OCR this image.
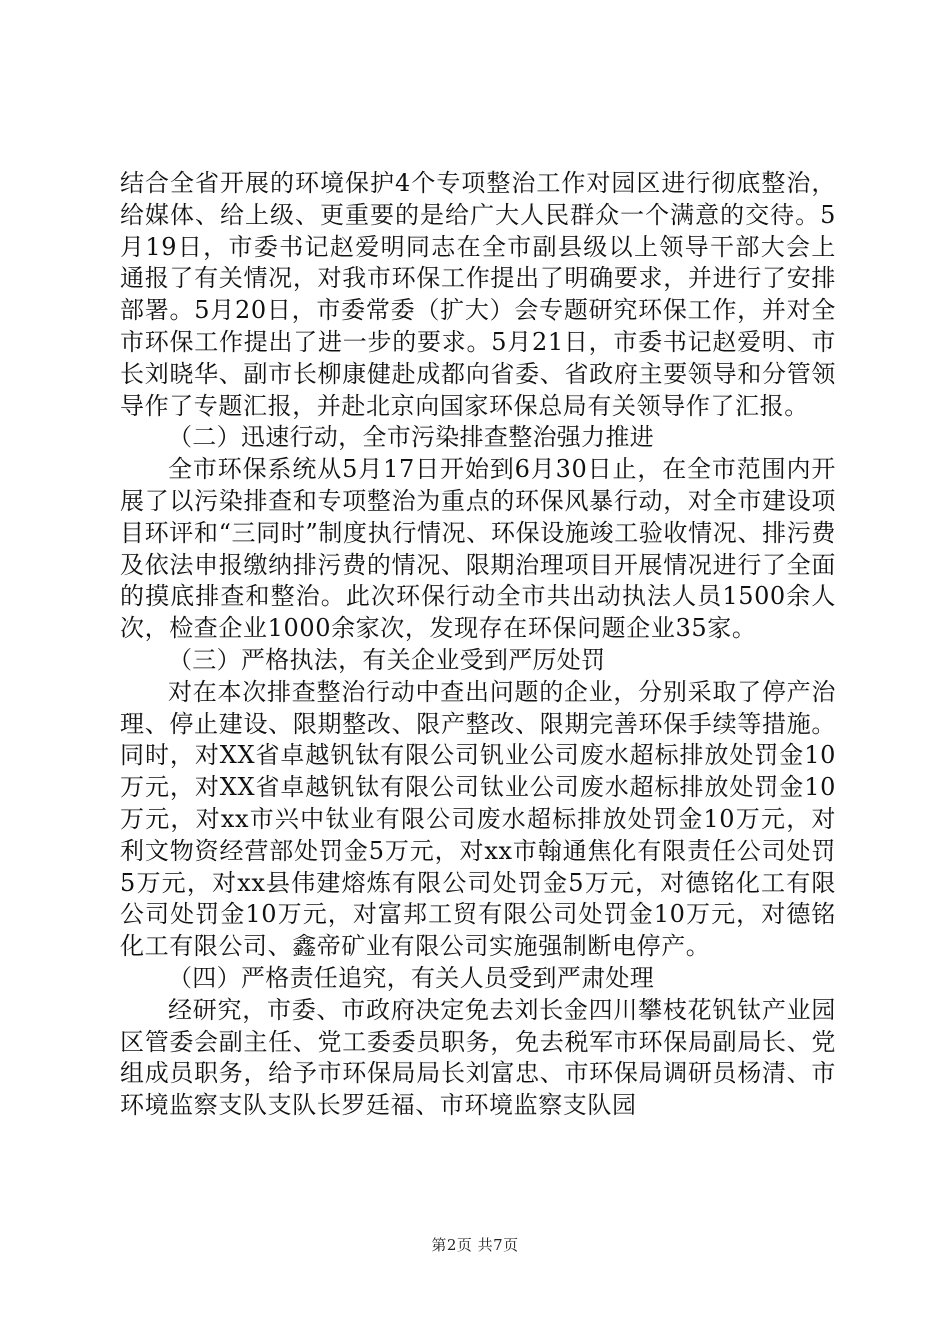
结合全省开展的环境保护4个专项整治工作对园区进行彻底整治，给媒体、给上级、更重要的是给广大人民群众一个满意的交待。5月19日，市委书记赵爱明同志在全市副县级以上领导干部大会上通报了有关情况，对我市环保工作提出了明确要求，并进行了安排部署。5月20日，市委常委（扩大）会专题研究环保工作，并对全市环保工作提出了进一步的要求。5月21日，市委书记赵爱明、市长刘晓华、副市长柳康健赴成都向省委、省政府主要领导和分管领导作了专题汇报，并赴北京向国家环保总局有关领导作了汇报。

（二）迅速行动，全市污染排查整治强力推进

全市环保系统从5月17日开始到6月30日止，在全市范围内开展了以污染排查和专项整治为重点的环保风暴行动，对全市建设项目环评和“三同时”制度执行情况、环保设施竣工验收情况、排污费及依法申报缴纳排污费的情况、限期治理项目开展情况进行了全面的摸底排查和整治。此次环保行动全市共出动执法人员1500余人次，检查企业1000余家次，发现存在环保问题企业35家。

（三）严格执法，有关企业受到严厉处罚

对在本次排查整治行动中查出问题的企业，分别采取了停产治理、停止建设、限期整改、限产整改、限期完善环保手续等措施。同时，对XX省卓越钒钛有限公司钒业公司废水超标排放处罚金10万元，对XX省卓越钒钛有限公司钛业公司废水超标排放处罚金10万元，对xx市兴中钛业有限公司废水超标排放处罚金10万元，对利文物资经营部处罚金5万元，对xx市翰通焦化有限责任公司处罚5万元，对xx县伟建熔炼有限公司处罚金5万元，对德铭化工有限公司处罚金10万元，对富邦工贸有限公司处罚金10万元，对德铭化工有限公司、鑫帝矿业有限公司实施强制断电停产。

（四）严格责任追究，有关人员受到严肃处理

经研究，市委、市政府决定免去刘长金四川攀枝花钒钛产业园区管委会副主任、党工委委员职务，免去税军市环保局副局长、党组成员职务，给予市环保局局长刘富忠、市环保局调研员杨清、市环境监察支队支队长罗廷福、市环境监察支队园

第2页 共7页
